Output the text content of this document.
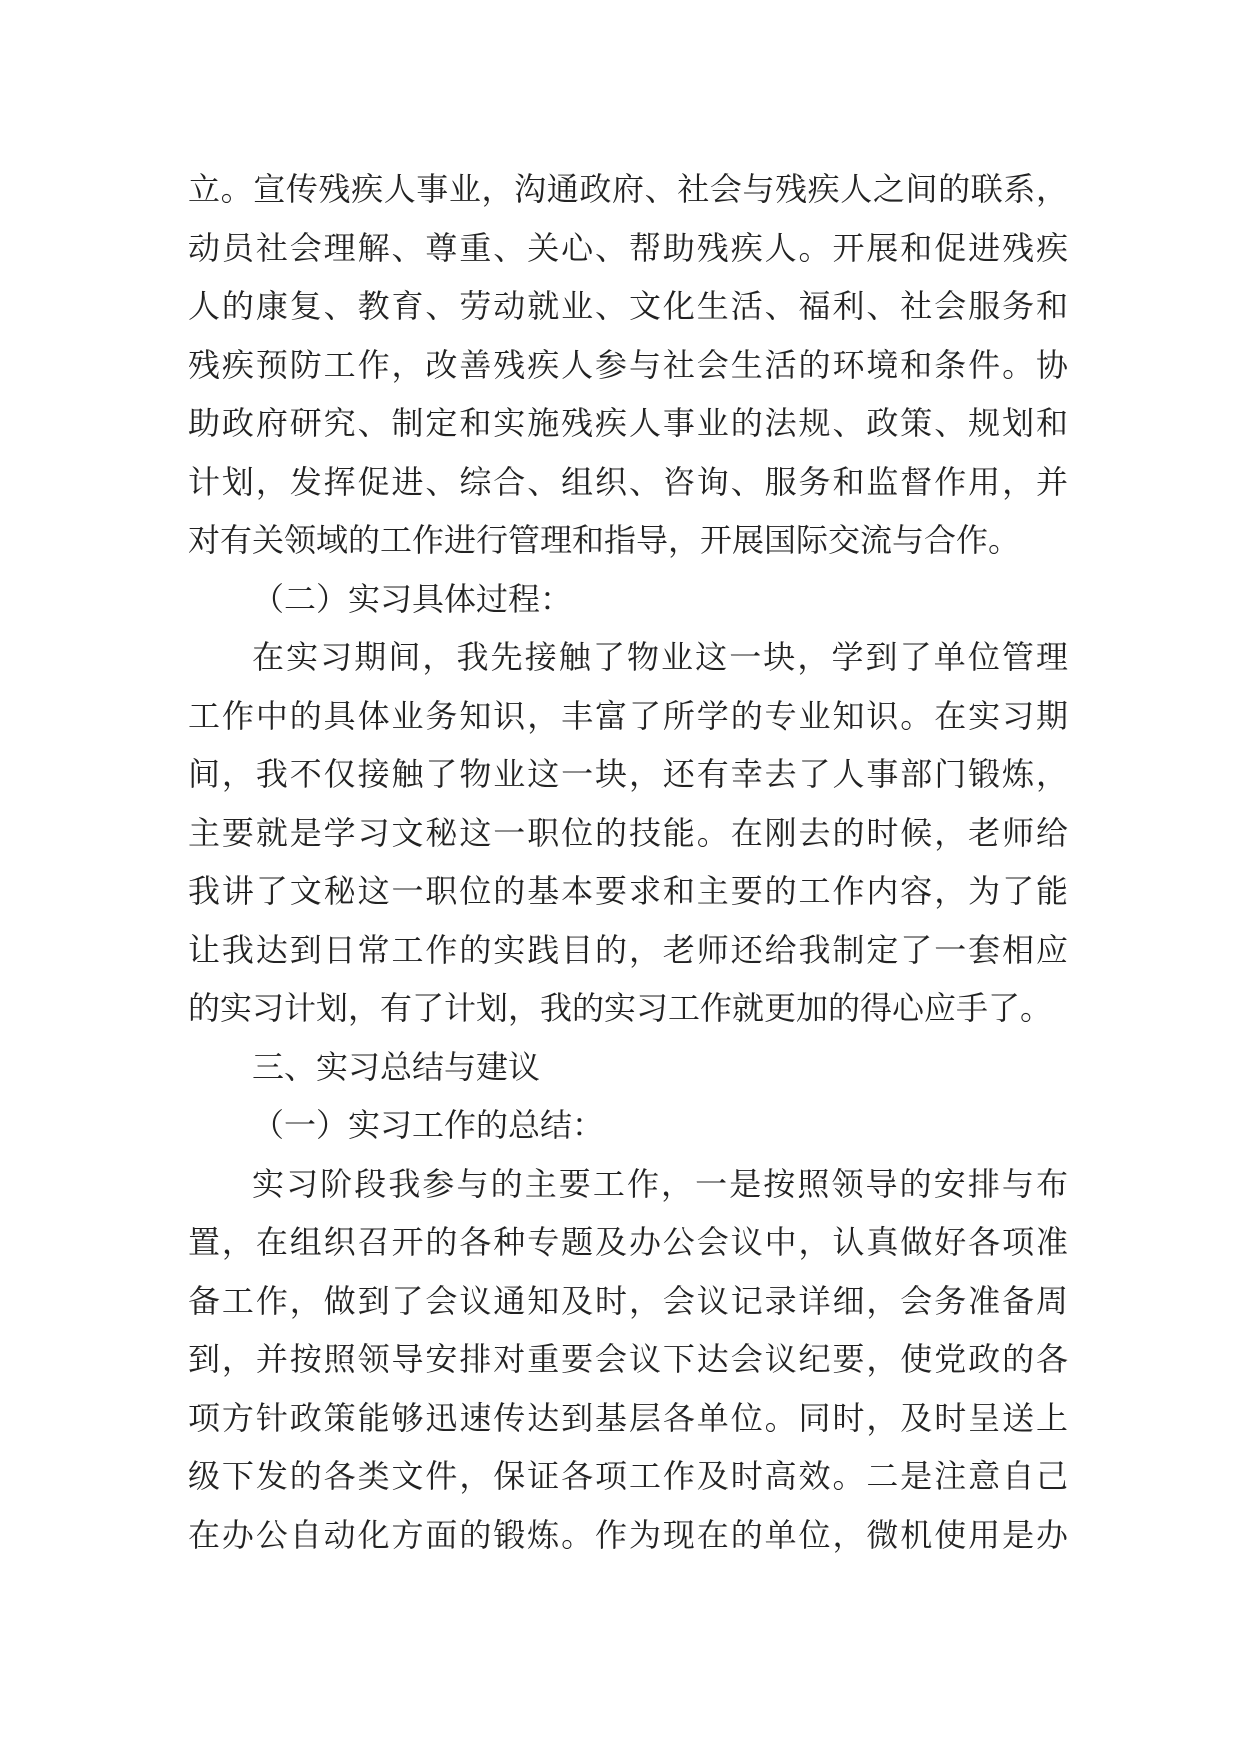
立。宣传残疾人事业，沟通政府、社会与残疾人之间的联系，
动员社会理解、尊重、关心、帮助残疾人。开展和促进残疾
人的康复、教育、劳动就业、文化生活、福利、社会服务和
残疾预防工作，改善残疾人参与社会生活的环境和条件。协
助政府研究、制定和实施残疾人事业的法规、政策、规划和
计划，发挥促进、综合、组织、咨询、服务和监督作用，并
对有关领域的工作进行管理和指导，开展国际交流与合作。
（二）实习具体过程：
在实习期间，我先接触了物业这一块，学到了单位管理
工作中的具体业务知识，丰富了所学的专业知识。在实习期
间，我不仅接触了物业这一块，还有幸去了人事部门锻炼，
主要就是学习文秘这一职位的技能。在刚去的时候，老师给
我讲了文秘这一职位的基本要求和主要的工作内容，为了能
让我达到日常工作的实践目的，老师还给我制定了一套相应
的实习计划，有了计划，我的实习工作就更加的得心应手了。
三、实习总结与建议
（一）实习工作的总结：
实习阶段我参与的主要工作，一是按照领导的安排与布
置，在组织召开的各种专题及办公会议中，认真做好各项准
备工作，做到了会议通知及时，会议记录详细，会务准备周
到，并按照领导安排对重要会议下达会议纪要，使党政的各
项方针政策能够迅速传达到基层各单位。同时，及时呈送上
级下发的各类文件，保证各项工作及时高效。二是注意自己
在办公自动化方面的锻炼。作为现在的单位，微机使用是办
